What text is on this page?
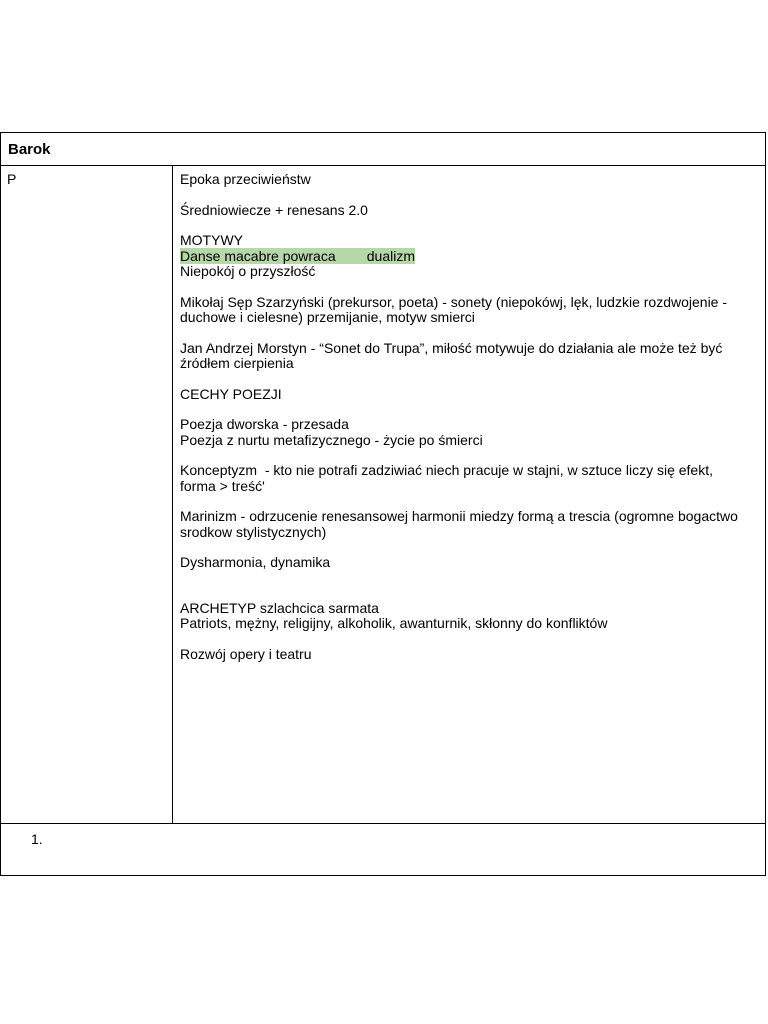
Barok
P	Epoka przeciwieństw
Średniowiecze + renesans 2.0
MOTYWY
Danse macabre powraca        dualizm
Niepokój o przyszłość
Mikołaj Sęp Szarzyński (prekursor, poeta) - sonety (niepokówj, lęk, ludzkie rozdwojenie - duchowe i cielesne) przemijanie, motyw smierci
Jan Andrzej Morstyn - “Sonet do Trupa”, miłość motywuje do działania ale może też być źródłem cierpienia
CECHY POEZJI
Poezja dworska - przesada
Poezja z nurtu metafizycznego - życie po śmierci
Konceptyzm  - kto nie potrafi zadziwiać niech pracuje w stajni, w sztuce liczy się efekt, forma > treść'
Marinizm - odrzucenie renesansowej harmonii miedzy formą a trescia (ogromne bogactwo srodkow stylistycznych)
Dysharmonia, dynamika
ARCHETYP szlachcica sarmata
Patriots, mężny, religijny, alkoholik, awanturnik, skłonny do konfliktów
Rozwój opery i teatru
1.
